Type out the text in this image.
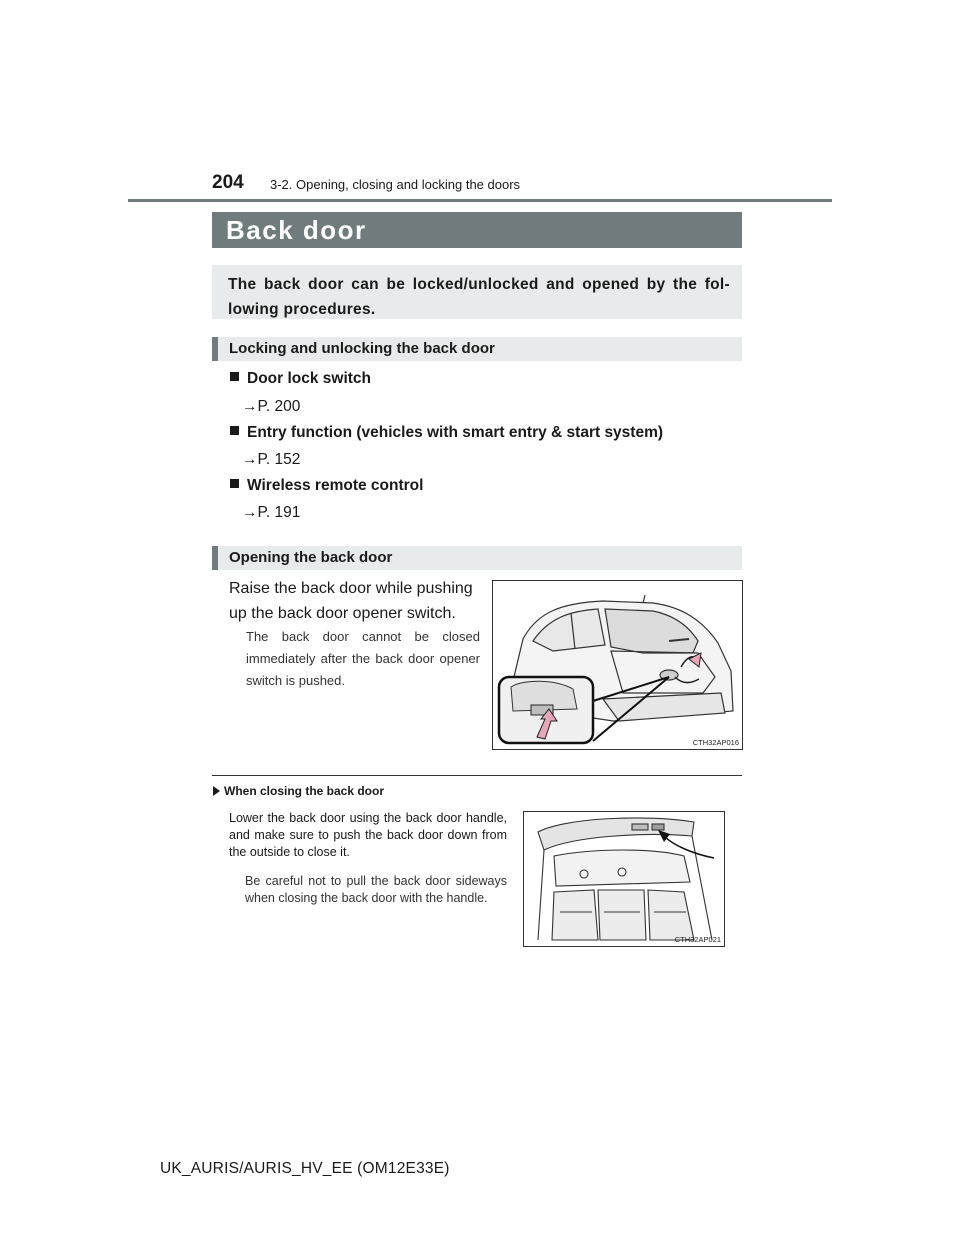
204 3-2. Opening, closing and locking the doors
Back door

The back door can be locked/unlocked and opened by the fol-lowing procedures.

Locking and unlocking the back door
Door lock switch
→P. 200
Entry function (vehicles with smart entry & start system)
→P. 152
Wireless remote control
→P. 191
Opening the back door
Raise the back door while pushing up the back door opener switch.
The back door cannot be closed immediately after the back door opener switch is pushed.
CTH32AP016
When closing the back door
Lower the back door using the back door handle, and make sure to push the back door down from the outside to close it.
Be careful not to pull the back door sideways when closing the back door with the handle.
CTH32AP021
UK_AURIS/AURIS_HV_EE (OM12E33E)
